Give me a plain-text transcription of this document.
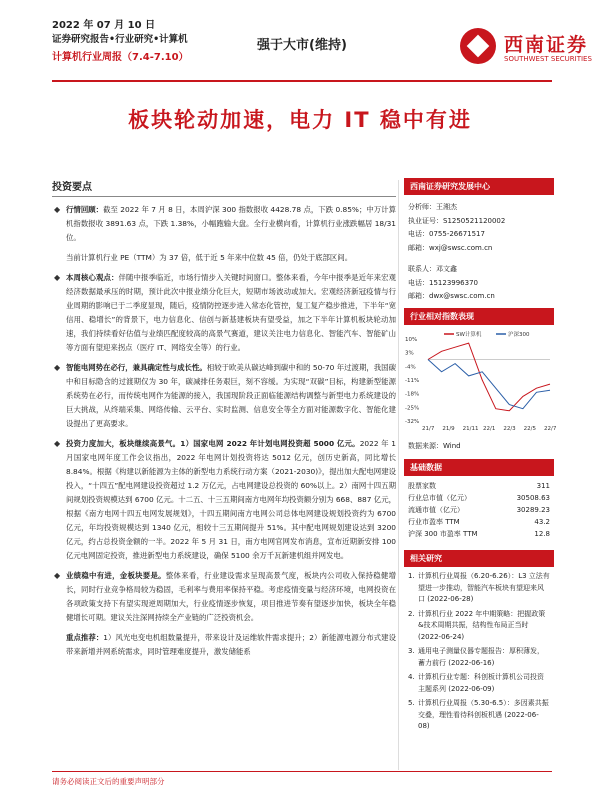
2022 年 07 月 10 日
证券研究报告•行业研究•计算机
计算机行业周报（7.4-7.10）
强于大市(维持)	西南证券
SOUTHWEST SECURITIES
板块轮动加速，电力 IT 稳中有进
投资要点
◆ 行情回顾：截至 2022 年 7 月 8 日，本周沪深 300 指数报收 4428.78 点，下跌 0.85%；中万计算机指数报收 3891.63 点，下跌 1.38%，小幅跑输大盘。全行业横向看，计算机行业涨跌幅居 18/31 位。
当前计算机行业 PE（TTM）为 37 倍，低于近 5 年来中位数 45 倍，仍处于底部区间。
◆ 本周核心观点：伴随中报季临近，市场行情步入关键时间窗口。整体来看，今年中报季是近年来宏观经济数据最承压的时期，预计此次中报业绩分化巨大，短期市场波动或加大。宏观经济新冠疫情与行业周期的影响已于二季度显现，随后，疫情防控逐步进入常态化管控，复工复产稳步推进，下半年“宽信用、稳增长”的背景下，电力信息化、信创与新基建板块有望受益，加之下半年计算机板块轮动加速，我们持续看好估值与业绩匹配度较高的高景气赛道，建议关注电力信息化、智能汽车、智能矿山等方面有望迎来拐点（医疗 IT、网络安全等）的行业。
◆ 智能电网势在必行，兼具确定性与成长性。相较于欧美从碳达峰到碳中和的 50-70 年过渡期，我国碳中和目标隐含的过渡期仅为 30 年，碳减排任务艰巨，刻不容缓。为实现“双碳”目标，构建新型能源系统势在必行，而传统电网作为能源的接入，我国现阶段正面临能源结构调整与新型电力系统建设的巨大挑战，从终端采集、网络传输、云平台、实时监测、信息安全等全方面对能源数字化、智能化建设提出了更高要求。
◆ 投资力度加大，板块继续高景气。1）国家电网 2022 年计划电网投资超 5000 亿元。2022 年 1 月国家电网年度工作会议指出，2022 年电网计划投资将达 5012 亿元，创历史新高，同比增长 8.84%。根据《构建以新能源为主体的新型电力系统行动方案（2021-2030)》，提出加大配电网建设投入，“十四五”配电网建设投资超过 1.2 万亿元，占电网建设总投资的 60%以上。2）南网十四五期间规划投资规模达到 6700 亿元。十二五、十三五期间南方电网年均投资额分别为 668、887 亿元，根据《南方电网十四五电网发展规划》，十四五期间南方电网公司总体电网建设规划投资约为 6700 亿元，年均投资规模达到 1340 亿元，相较十三五期间提升 51%。其中配电网规划建设达到 3200 亿元，约占总投资金额的一半。2022 年 5 月 31 日，南方电网官网发布消息，宣布近期新安排 100 亿元电网固定投资，推进新型电力系统建设，确保 5100 余万千瓦新建机组并网发电。
◆ 业绩稳中有进，金板块要是。整体来看，行业建设需求呈现高景气度，板块内公司收入保持稳健增长，同时行业竞争格局较为稳固，毛利率与费用率保持平稳。考虑疫情变量与经济环境，电网投资在各项政策支持下有望实现逆周期加大，行业疫情逐步恢复，项目推进节奏有望逐步加快，板块全年稳健增长可期。建议关注深网持续全产业链的广泛投资机会。
重点推荐：1）风光电变电机组数量提升，带来设计及运维软件需求提升；2）新能源电源分布式建设带来新增并网系统需求，同时管理难度提升，激发储能系
西南证券研究发展中心
分析师：王湘杰
执业证号：S1250521120002
电话：0755-26671517
邮箱：wxj@swsc.com.cn
联系人：邓文鑫
电话：15123996370
邮箱：dwx@swsc.com.cn
行业相对指数表现
10%
3%
-4%
-11%
-18%
-25%
-32%
21/7 21/9 21/11 22/1 22/3 22/5 22/7
SW计算机	沪深300
数据来源：Wind
基础数据
股票家数	311
行业总市值（亿元）	30508.63
流通市值（亿元）	30289.23
行业市盈率 TTM	43.2
沪深 300 市盈率 TTM	12.8
相关研究
1. 计算机行业周报（6.20-6.26）：L3 立法有望进一步推动，智能汽车板块有望迎来风口 (2022-06-28)
2. 计算机行业 2022 年中期策略：把握政策&技术周期共振，结构性布局正当时 (2022-06-24)
3. 通用电子测量仪器专题报告：厚积薄发，蓄力前行 (2022-06-16)
4. 计算机行业专题：科创板计算机公司投资主题系列 (2022-06-09)
5. 计算机行业周报（5.30-6.5）：多因素共振交叠，理性看待科创板机遇 (2022-06-08)
请务必阅读正文后的重要声明部分
